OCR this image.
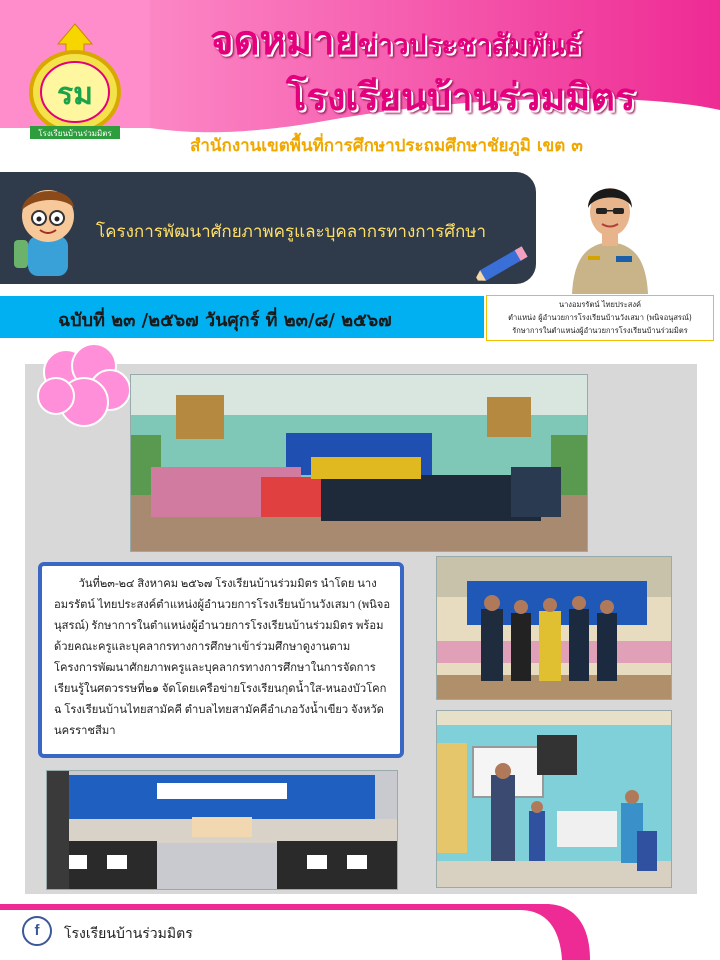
รม
โรงเรียนบ้านร่วมมิตร
จดหมายข่าวประชาสัมพันธ์
โรงเรียนบ้านร่วมมิตร
สำนักงานเขตพื้นที่การศึกษาประถมศึกษาชัยภูมิ เขต ๓
โครงการพัฒนาศักยภาพครูและบุคลากรทางการศึกษา
ฉบับที่ ๒๓ /๒๕๖๗ วันศุกร์ ที่ ๒๓/๘/ ๒๕๖๗
นางอมรรัตน์ ไทยประสงค์
ตำแหน่ง ผู้อำนวยการโรงเรียนบ้านวังเสมา (พนิจอนุสรณ์)
รักษาการในตำแหน่งผู้อำนวยการโรงเรียนบ้านร่วมมิตร
วันที่๒๓-๒๔ สิงหาคม ๒๕๖๗ โรงเรียนบ้านร่วมมิตร นำโดย นางอมรรัตน์ ไทยประสงค์ตำแหน่งผู้อำนวยการโรงเรียนบ้านวังเสมา (พนิจอนุสรณ์) รักษาการในตำแหน่งผู้อำนวยการโรงเรียนบ้านร่วมมิตร พร้อมด้วยคณะครูและบุคลากรทางการศึกษาเข้าร่วมศึกษาดูงานตามโครงการพัฒนาศักยภาพครูและบุคลากรทางการศึกษาในการจัดการเรียนรู้ในศตวรรษที่๒๑ จัดโดยเครือข่ายโรงเรียนกุดน้ำใส-หนองบัวโคกฉ โรงเรียนบ้านไทยสามัคคี ตำบลไทยสามัคคีอำเภอวังน้ำเขียว จังหวัดนครราชสีมา
f	โรงเรียนบ้านร่วมมิตร
